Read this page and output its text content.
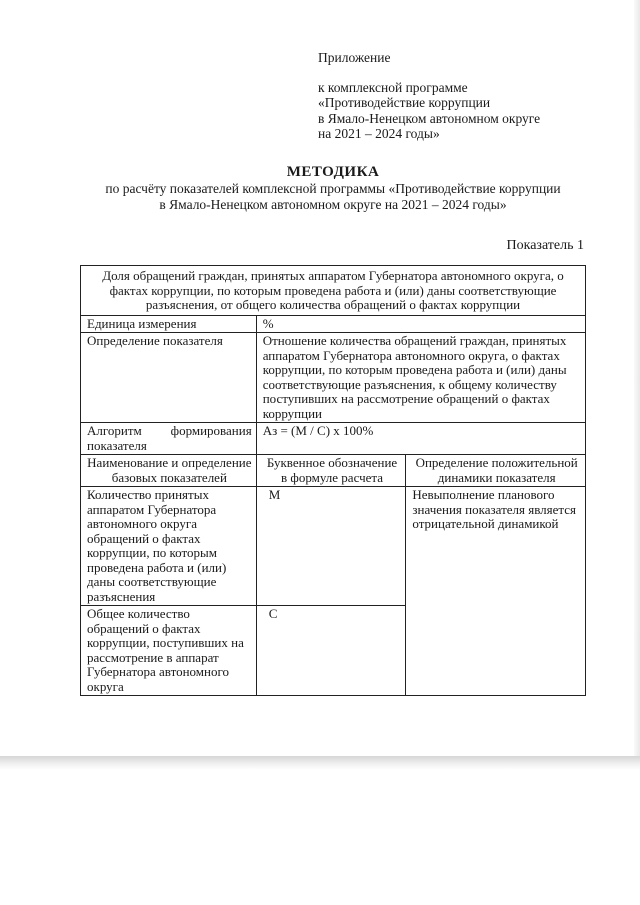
Приложение

к комплексной программе

«Противодействие коррупции

в Ямало-Ненецком автономном округе

на 2021 – 2024 годы»

МЕТОДИКА
по расчёту показателей комплексной программы «Противодействие коррупции
в Ямало-Ненецком автономном округе на 2021 – 2024 годы»
Показатель 1
Доля обращений граждан, принятых аппаратом Губернатора автономного округа, о фактах коррупции, по которым проведена работа и (или) даны соответствующие разъяснения, от общего количества обращений о фактах коррупции		
Единица измерения	%	
Определение показателя	Отношение количества обращений граждан, принятых аппаратом Губернатора автономного округа, о фактах коррупции, по которым проведена работа и (или) даны соответствующие разъяснения, к общему количеству поступивших на рассмотрение обращений о фактах коррупции	
Алгоритм формирования показателя	Аз = (М / С) х 100%	
Наименование и определение базовых показателей	Буквенное обозначение в формуле расчета	Определение положительной динамики показателя
Количество принятых аппаратом Губернатора автономного округа обращений о фактах коррупции, по которым проведена работа и (или) даны соответствующие разъяснения	М	Невыполнение планового значения показателя является отрицательной динамикой
Общее количество обращений о фактах коррупции, поступивших на рассмотрение в аппарат Губернатора автономного округа	С	
